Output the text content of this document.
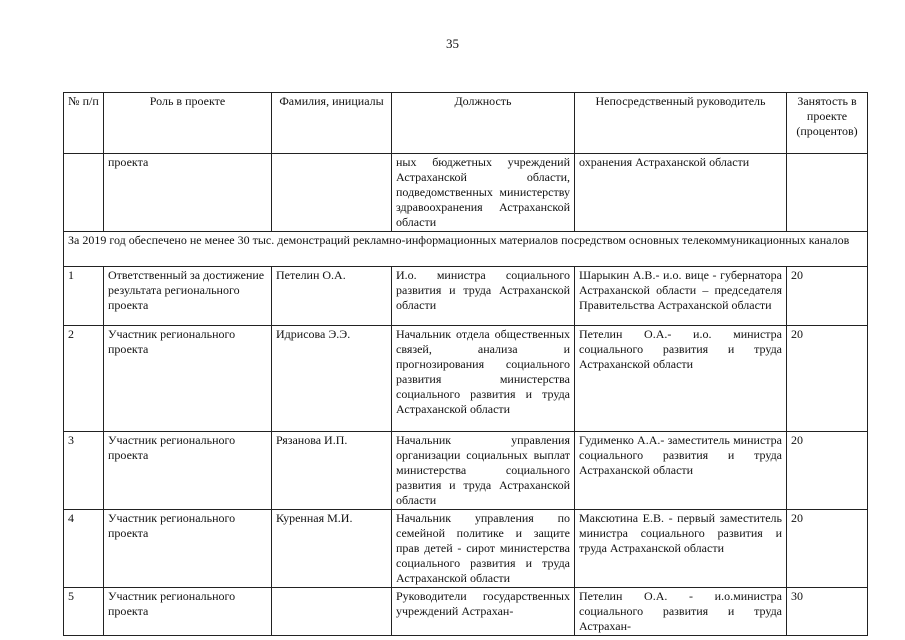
35
№ п/п	Роль в проекте	Фамилия, инициалы	Должность	Непосредственный руководитель	Занятость в проекте (процентов)
	проекта		ных бюджетных учреждений Астраханской области, подведомственных министерству здравоохранения Астраханской области	охранения Астраханской области	
За 2019 год обеспечено не менее 30 тыс. демонстраций рекламно-информационных материалов посредством основных телекоммуникационных каналов					
1	Ответственный за достижение результата регионального проекта	Петелин О.А.	И.о. министра социального развития и труда Астраханской области	Шарыкин А.В.- и.о. вице - губернатора Астраханской области – председателя Правительства Астраханской области	20
2	Участник регионального проекта	Идрисова Э.Э.	Начальник отдела общественных связей, анализа и прогнозирования социального развития министерства социального развития и труда Астраханской области	Петелин О.А.- и.о. министра социального развития и труда Астраханской области	20
3	Участник регионального проекта	Рязанова И.П.	Начальник управления организации социальных выплат министерства социального развития и труда Астраханской области	Гудименко А.А.- заместитель министра социального развития и труда Астраханской области	20
4	Участник регионального проекта	Куренная М.И.	Начальник управления по семейной политике и защите прав детей - сирот министерства социального развития и труда Астраханской области	Максютина Е.В. - первый заместитель министра социального развития и труда Астраханской области	20
5	Участник регионального проекта		Руководители государственных учреждений Астрахан-	Петелин О.А. - и.о.министра социального развития и труда Астрахан-	30
